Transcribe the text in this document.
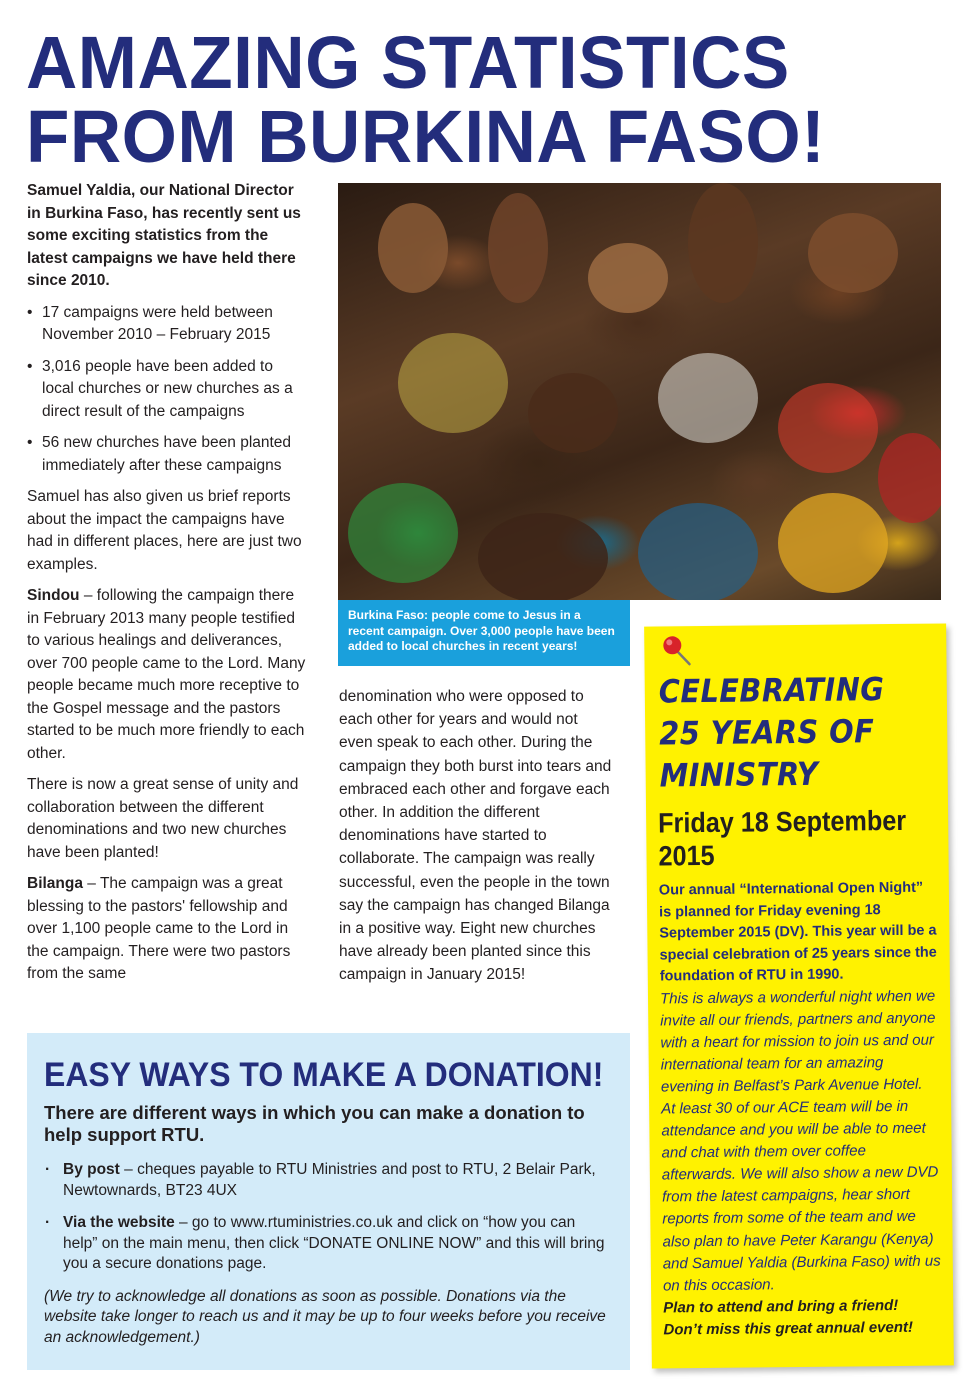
AMAZING STATISTICS
FROM BURKINA FASO!

Samuel Yaldia, our National Director in Burkina Faso, has recently sent us some exciting statistics from the latest campaigns we have held there since 2010.

• 17 campaigns were held between November 2010 – February 2015
• 3,016 people have been added to local churches or new churches as a direct result of the campaigns
• 56 new churches have been planted immediately after these campaigns

Samuel has also given us brief reports about the impact the campaigns have had in different places, here are just two examples.

Sindou – following the campaign there in February 2013 many people testified to various healings and deliverances, over 700 people came to the Lord. Many people became much more receptive to the Gospel message and the pastors started to be much more friendly to each other.

There is now a great sense of unity and collaboration between the different denominations and two new churches have been planted!

Bilanga – The campaign was a great blessing to the pastors' fellowship and over 1,100 people came to the Lord in the campaign. There were two pastors from the same

Burkina Faso: people come to Jesus in a recent campaign. Over 3,000 people have been added to local churches in recent years!

denomination who were opposed to each other for years and would not even speak to each other. During the campaign they both burst into tears and embraced each other and forgave each other. In addition the different denominations have started to collaborate. The campaign was really successful, even the people in the town say the campaign has changed Bilanga in a positive way. Eight new churches have already been planted since this campaign in January 2015!

EASY WAYS TO MAKE A DONATION!

There are different ways in which you can make a donation to help support RTU.

· By post – cheques payable to RTU Ministries and post to RTU, 2 Belair Park, Newtownards, BT23 4UX
· Via the website – go to www.rtuministries.co.uk and click on “how you can help” on the main menu, then click “DONATE ONLINE NOW” and this will bring you a secure donations page.

(We try to acknowledge all donations as soon as possible. Donations via the website take longer to reach us and it may be up to four weeks before you receive an acknowledgement.)

CELEBRATING
25 YEARS OF
MINISTRY
Friday 18 September
2015

Our annual “International Open Night” is planned for Friday evening 18 September 2015 (DV). This year will be a special celebration of 25 years since the foundation of RTU in 1990.

This is always a wonderful night when we invite all our friends, partners and anyone with a heart for mission to join us and our international team for an amazing evening in Belfast’s Park Avenue Hotel.

At least 30 of our ACE team will be in attendance and you will be able to meet and chat with them over coffee afterwards. We will also show a new DVD from the latest campaigns, hear short reports from some of the team and we also plan to have Peter Karangu (Kenya) and Samuel Yaldia (Burkina Faso) with us on this occasion.

Plan to attend and bring a friend!

Don’t miss this great annual event!
